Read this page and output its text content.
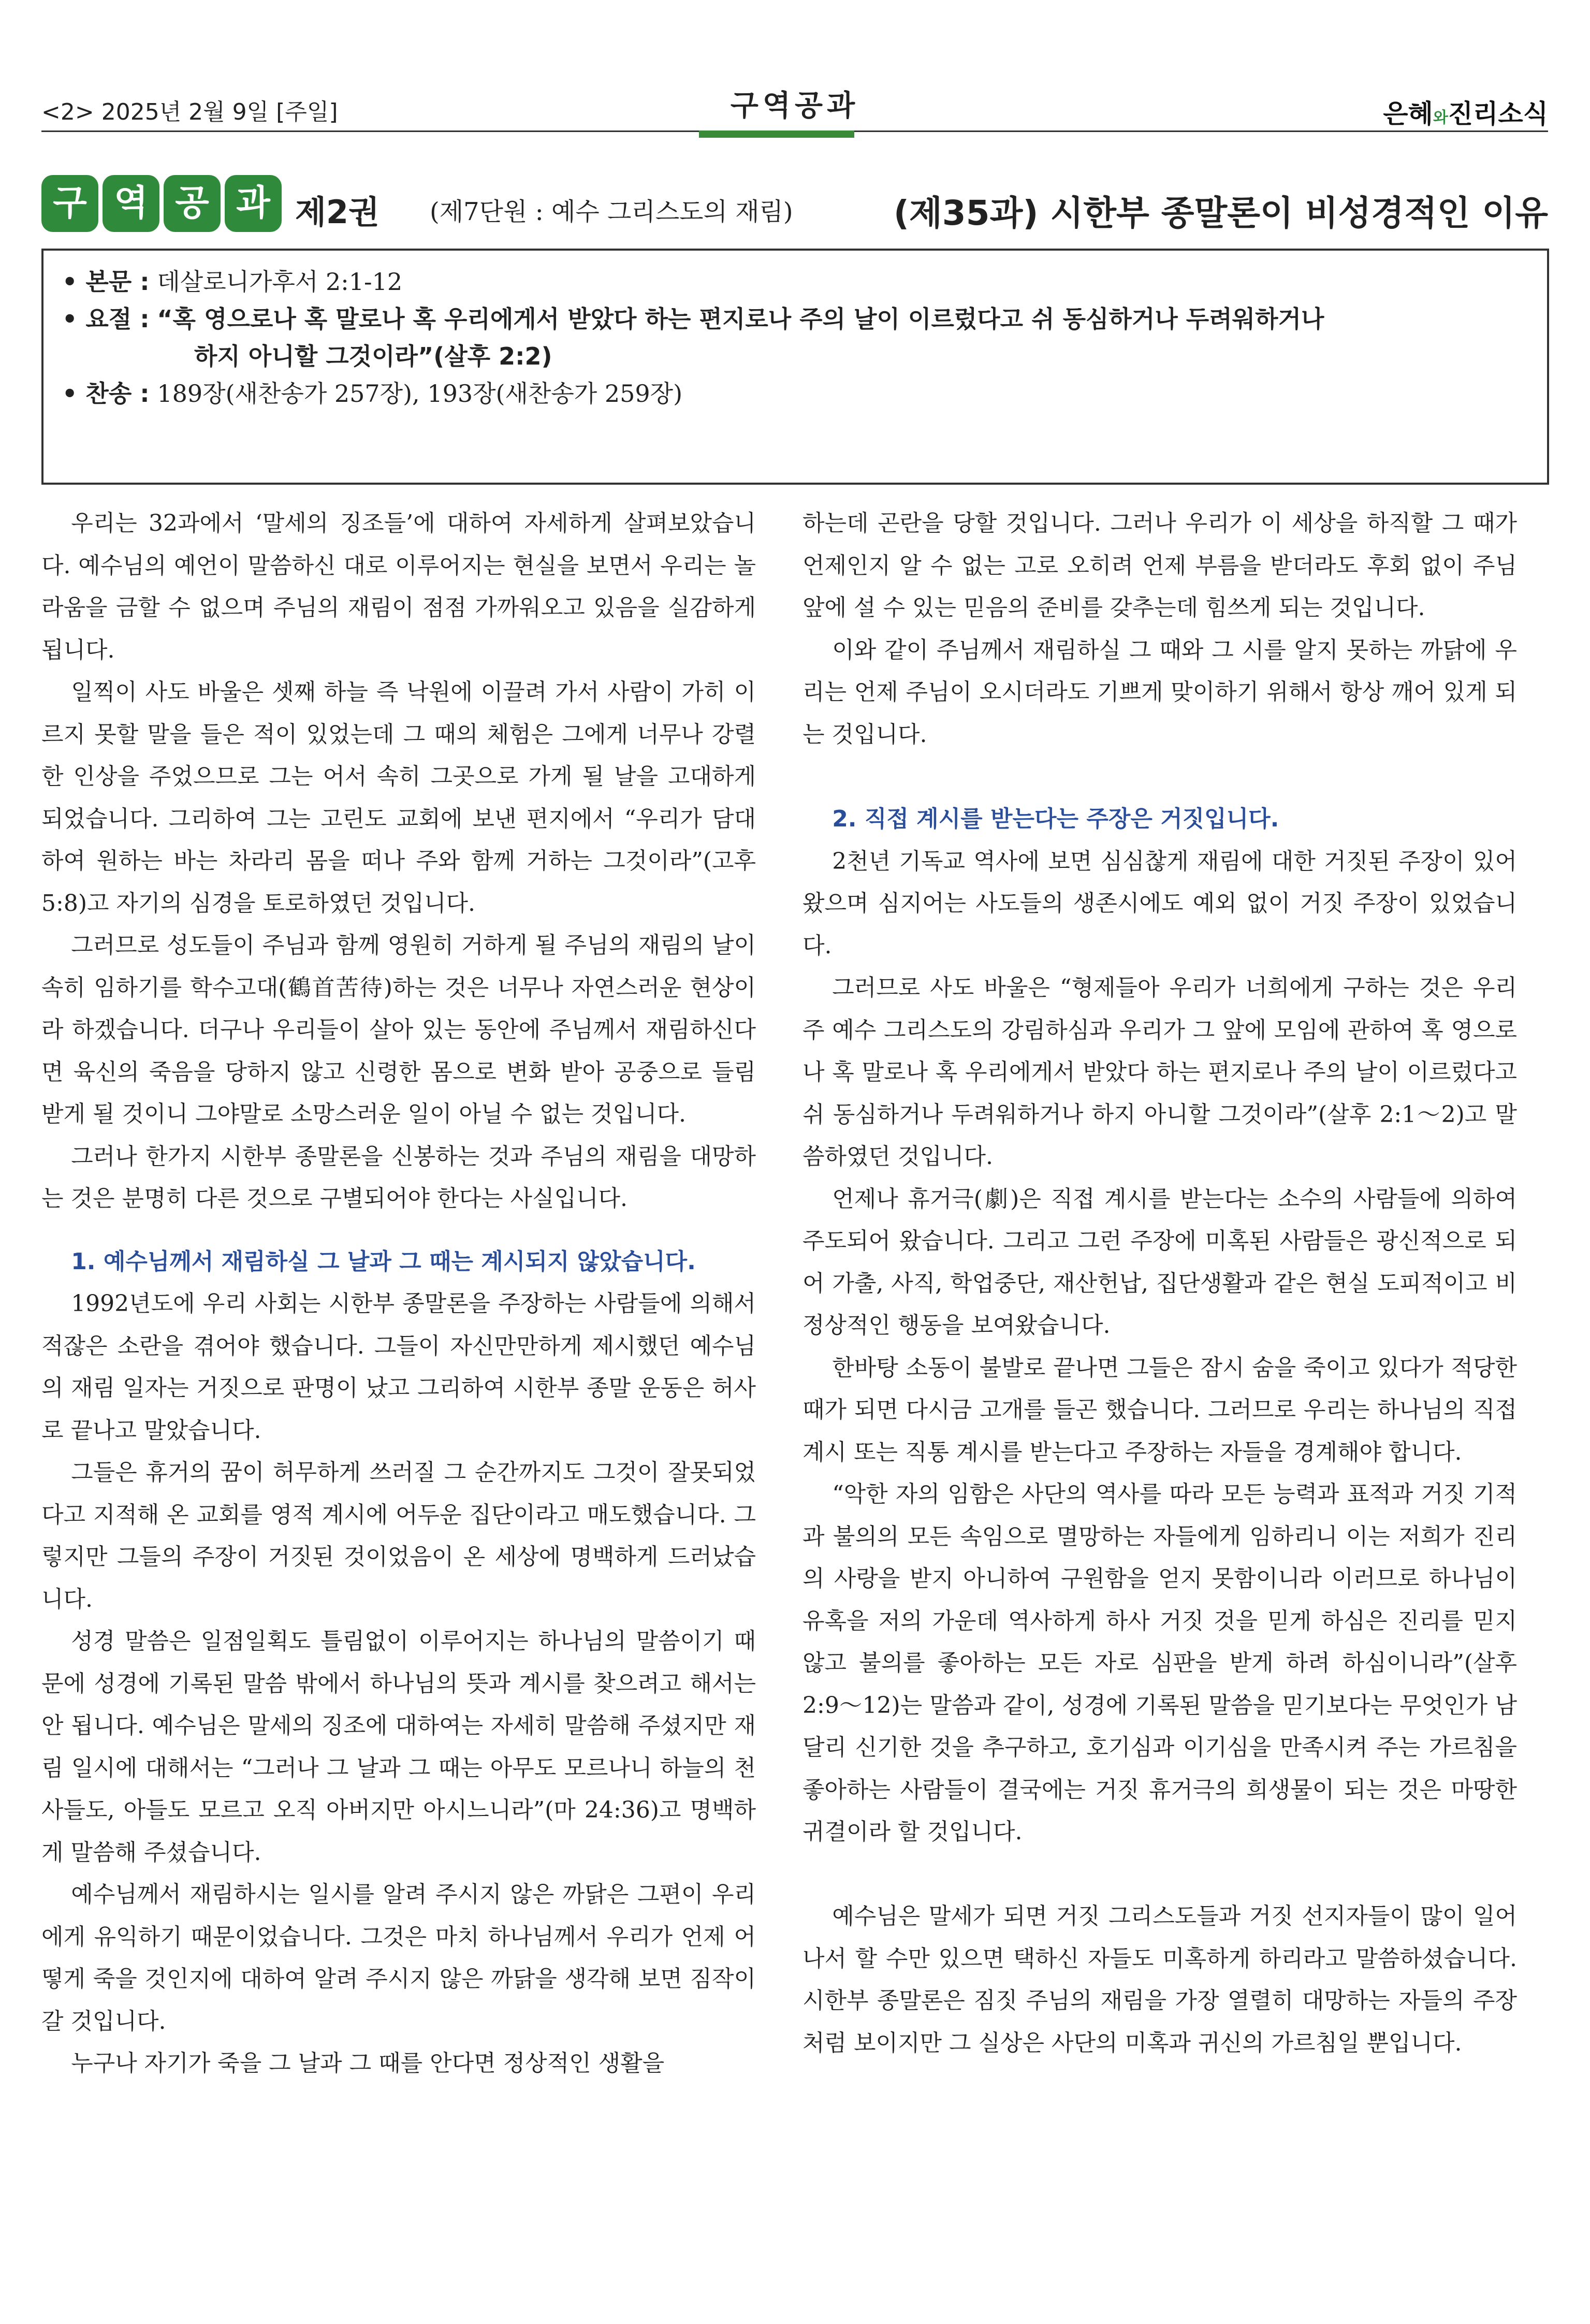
<2> 2025년 2월 9일 [주일]	구역공과	은혜와진리소식
구 역 공 과 제2권 (제7단원 : 예수 그리스도의 재림)	(제35과) 시한부 종말론이 비성경적인 이유
• 본문 : 데살로니가후서 2:1-12
• 요절 : “혹 영으로나 혹 말로나 혹 우리에게서 받았다 하는 편지로나 주의 날이 이르렀다고 쉬 동심하거나 두려워하거나
하지 아니할 그것이라”(살후 2:2)
• 찬송 : 189장(새찬송가 257장), 193장(새찬송가 259장)

우리는 32과에서 ‘말세의 징조들’에 대하여 자세하게 살펴보았습니다. 예수님의 예언이 말씀하신 대로 이루어지는 현실을 보면서 우리는 놀라움을 금할 수 없으며 주님의 재림이 점점 가까워오고 있음을 실감하게 됩니다.

일찍이 사도 바울은 셋째 하늘 즉 낙원에 이끌려 가서 사람이 가히 이르지 못할 말을 들은 적이 있었는데 그 때의 체험은 그에게 너무나 강렬한 인상을 주었으므로 그는 어서 속히 그곳으로 가게 될 날을 고대하게 되었습니다. 그리하여 그는 고린도 교회에 보낸 편지에서 “우리가 담대하여 원하는 바는 차라리 몸을 떠나 주와 함께 거하는 그것이라”(고후 5:8)고 자기의 심경을 토로하였던 것입니다.

그러므로 성도들이 주님과 함께 영원히 거하게 될 주님의 재림의 날이 속히 임하기를 학수고대(鶴首苦待)하는 것은 너무나 자연스러운 현상이라 하겠습니다. 더구나 우리들이 살아 있는 동안에 주님께서 재림하신다면 육신의 죽음을 당하지 않고 신령한 몸으로 변화 받아 공중으로 들림 받게 될 것이니 그야말로 소망스러운 일이 아닐 수 없는 것입니다.

그러나 한가지 시한부 종말론을 신봉하는 것과 주님의 재림을 대망하는 것은 분명히 다른 것으로 구별되어야 한다는 사실입니다.

1. 예수님께서 재림하실 그 날과 그 때는 계시되지 않았습니다.

1992년도에 우리 사회는 시한부 종말론을 주장하는 사람들에 의해서 적잖은 소란을 겪어야 했습니다. 그들이 자신만만하게 제시했던 예수님의 재림 일자는 거짓으로 판명이 났고 그리하여 시한부 종말 운동은 허사로 끝나고 말았습니다.

그들은 휴거의 꿈이 허무하게 쓰러질 그 순간까지도 그것이 잘못되었다고 지적해 온 교회를 영적 계시에 어두운 집단이라고 매도했습니다. 그렇지만 그들의 주장이 거짓된 것이었음이 온 세상에 명백하게 드러났습니다.

성경 말씀은 일점일획도 틀림없이 이루어지는 하나님의 말씀이기 때문에 성경에 기록된 말씀 밖에서 하나님의 뜻과 계시를 찾으려고 해서는 안 됩니다. 예수님은 말세의 징조에 대하여는 자세히 말씀해 주셨지만 재림 일시에 대해서는 “그러나 그 날과 그 때는 아무도 모르나니 하늘의 천사들도, 아들도 모르고 오직 아버지만 아시느니라”(마 24:36)고 명백하게 말씀해 주셨습니다.

예수님께서 재림하시는 일시를 알려 주시지 않은 까닭은 그편이 우리에게 유익하기 때문이었습니다. 그것은 마치 하나님께서 우리가 언제 어떻게 죽을 것인지에 대하여 알려 주시지 않은 까닭을 생각해 보면 짐작이 갈 것입니다.

누구나 자기가 죽을 그 날과 그 때를 안다면 정상적인 생활을

하는데 곤란을 당할 것입니다. 그러나 우리가 이 세상을 하직할 그 때가 언제인지 알 수 없는 고로 오히려 언제 부름을 받더라도 후회 없이 주님 앞에 설 수 있는 믿음의 준비를 갖추는데 힘쓰게 되는 것입니다.

이와 같이 주님께서 재림하실 그 때와 그 시를 알지 못하는 까닭에 우리는 언제 주님이 오시더라도 기쁘게 맞이하기 위해서 항상 깨어 있게 되는 것입니다.

2. 직접 계시를 받는다는 주장은 거짓입니다.

2천년 기독교 역사에 보면 심심찮게 재림에 대한 거짓된 주장이 있어왔으며 심지어는 사도들의 생존시에도 예외 없이 거짓 주장이 있었습니다.

그러므로 사도 바울은 “형제들아 우리가 너희에게 구하는 것은 우리 주 예수 그리스도의 강림하심과 우리가 그 앞에 모임에 관하여 혹 영으로나 혹 말로나 혹 우리에게서 받았다 하는 편지로나 주의 날이 이르렀다고 쉬 동심하거나 두려워하거나 하지 아니할 그것이라”(살후 2:1～2)고 말씀하였던 것입니다.

언제나 휴거극(劇)은 직접 계시를 받는다는 소수의 사람들에 의하여 주도되어 왔습니다. 그리고 그런 주장에 미혹된 사람들은 광신적으로 되어 가출, 사직, 학업중단, 재산헌납, 집단생활과 같은 현실 도피적이고 비정상적인 행동을 보여왔습니다.

한바탕 소동이 불발로 끝나면 그들은 잠시 숨을 죽이고 있다가 적당한 때가 되면 다시금 고개를 들곤 했습니다. 그러므로 우리는 하나님의 직접 계시 또는 직통 계시를 받는다고 주장하는 자들을 경계해야 합니다.

“악한 자의 임함은 사단의 역사를 따라 모든 능력과 표적과 거짓 기적과 불의의 모든 속임으로 멸망하는 자들에게 임하리니 이는 저희가 진리의 사랑을 받지 아니하여 구원함을 얻지 못함이니라 이러므로 하나님이 유혹을 저의 가운데 역사하게 하사 거짓 것을 믿게 하심은 진리를 믿지 않고 불의를 좋아하는 모든 자로 심판을 받게 하려 하심이니라”(살후 2:9～12)는 말씀과 같이, 성경에 기록된 말씀을 믿기보다는 무엇인가 남달리 신기한 것을 추구하고, 호기심과 이기심을 만족시켜 주는 가르침을 좋아하는 사람들이 결국에는 거짓 휴거극의 희생물이 되는 것은 마땅한 귀결이라 할 것입니다.

예수님은 말세가 되면 거짓 그리스도들과 거짓 선지자들이 많이 일어나서 할 수만 있으면 택하신 자들도 미혹하게 하리라고 말씀하셨습니다. 시한부 종말론은 짐짓 주님의 재림을 가장 열렬히 대망하는 자들의 주장처럼 보이지만 그 실상은 사단의 미혹과 귀신의 가르침일 뿐입니다.
